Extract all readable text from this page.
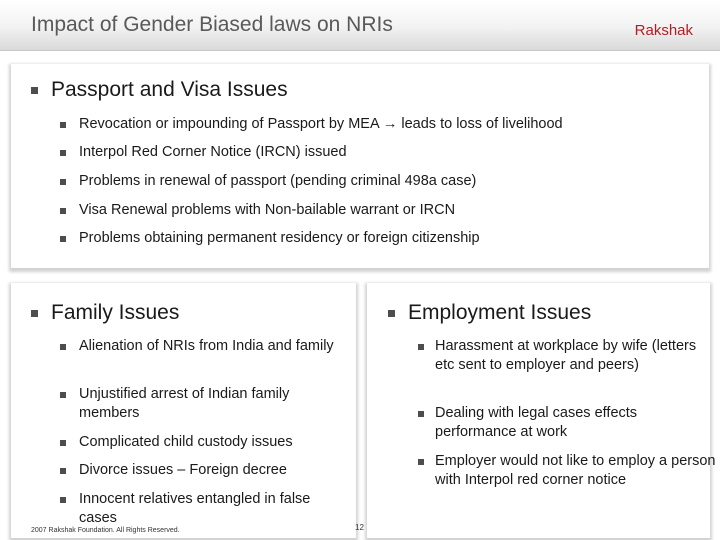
Impact of Gender Biased laws on NRIs	Rakshak
Passport and Visa Issues
Revocation or impounding of Passport by MEA → leads to loss of livelihood
Interpol Red Corner Notice (IRCN) issued
Problems in renewal of passport (pending criminal 498a case)
Visa Renewal problems with Non-bailable warrant or IRCN
Problems obtaining permanent residency or foreign citizenship
Family Issues
Alienation of NRIs from India and family
Unjustified arrest of Indian family members
Complicated child custody issues
Divorce issues – Foreign decree
Innocent relatives entangled in false cases
Employment Issues
Harassment at workplace by wife (letters etc sent to employer and peers)
Dealing with legal cases effects performance at work
Employer would not like to employ a person with Interpol red corner notice
2007 Rakshak Foundation. All Rights Reserved.	12
